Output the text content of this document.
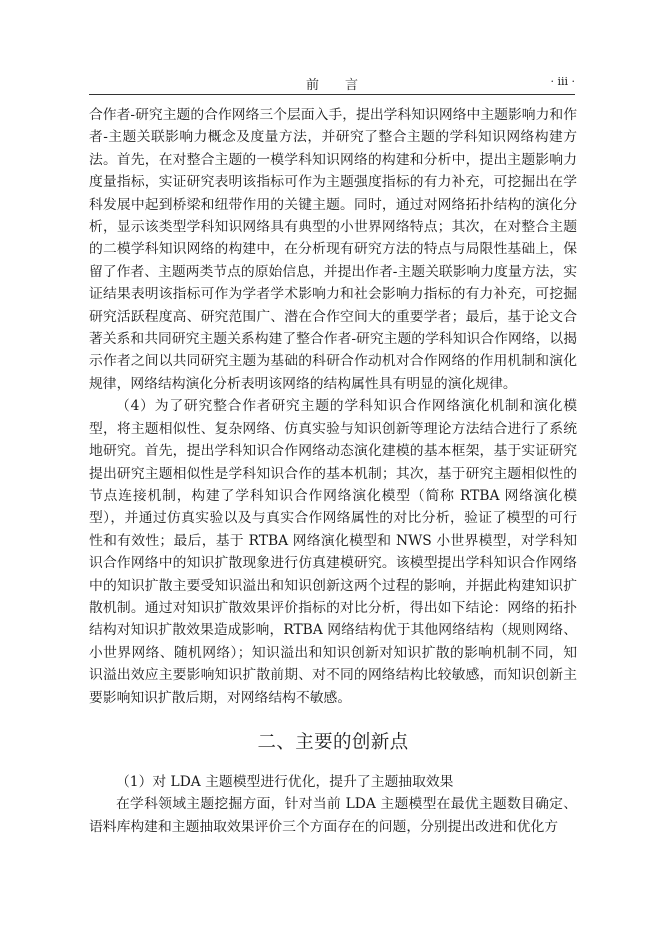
前　言	· iii ·

合作者-研究主题的合作网络三个层面入手，提出学科知识网络中主题影响力和作者-主题关联影响力概念及度量方法，并研究了整合主题的学科知识网络构建方法。首先，在对整合主题的一模学科知识网络的构建和分析中，提出主题影响力度量指标，实证研究表明该指标可作为主题强度指标的有力补充，可挖掘出在学科发展中起到桥梁和纽带作用的关键主题。同时，通过对网络拓扑结构的演化分析，显示该类型学科知识网络具有典型的小世界网络特点；其次，在对整合主题的二模学科知识网络的构建中，在分析现有研究方法的特点与局限性基础上，保留了作者、主题两类节点的原始信息，并提出作者-主题关联影响力度量方法，实证结果表明该指标可作为学者学术影响力和社会影响力指标的有力补充，可挖掘研究活跃程度高、研究范围广、潜在合作空间大的重要学者；最后，基于论文合著关系和共同研究主题关系构建了整合作者-研究主题的学科知识合作网络，以揭示作者之间以共同研究主题为基础的科研合作动机对合作网络的作用机制和演化规律，网络结构演化分析表明该网络的结构属性具有明显的演化规律。

（4）为了研究整合作者研究主题的学科知识合作网络演化机制和演化模型，将主题相似性、复杂网络、仿真实验与知识创新等理论方法结合进行了系统地研究。首先，提出学科知识合作网络动态演化建模的基本框架，基于实证研究提出研究主题相似性是学科知识合作的基本机制；其次，基于研究主题相似性的节点连接机制，构建了学科知识合作网络演化模型（简称 RTBA 网络演化模型），并通过仿真实验以及与真实合作网络属性的对比分析，验证了模型的可行性和有效性；最后，基于 RTBA 网络演化模型和 NWS 小世界模型，对学科知识合作网络中的知识扩散现象进行仿真建模研究。该模型提出学科知识合作网络中的知识扩散主要受知识溢出和知识创新这两个过程的影响，并据此构建知识扩散机制。通过对知识扩散效果评价指标的对比分析，得出如下结论：网络的拓扑结构对知识扩散效果造成影响，RTBA 网络结构优于其他网络结构（规则网络、小世界网络、随机网络）；知识溢出和知识创新对知识扩散的影响机制不同，知识溢出效应主要影响知识扩散前期、对不同的网络结构比较敏感，而知识创新主要影响知识扩散后期，对网络结构不敏感。

二、主要的创新点

（1）对 LDA 主题模型进行优化，提升了主题抽取效果

在学科领域主题挖掘方面，针对当前 LDA 主题模型在最优主题数目确定、语料库构建和主题抽取效果评价三个方面存在的问题，分别提出改进和优化方
